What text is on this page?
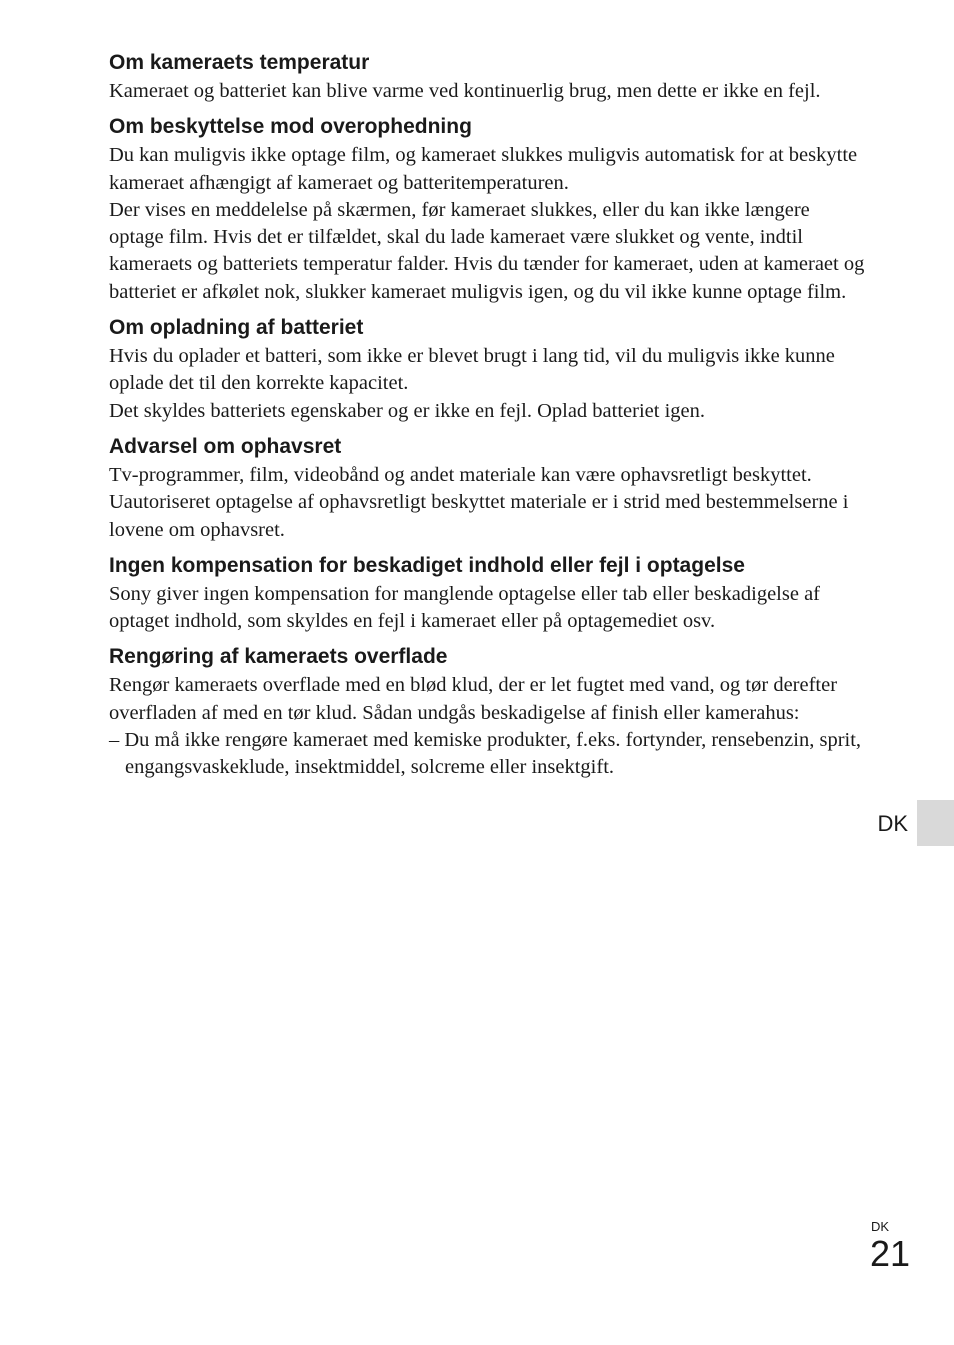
Om kameraets temperatur

Kameraet og batteriet kan blive varme ved kontinuerlig brug, men dette er ikke en fejl.

Om beskyttelse mod overophedning

Du kan muligvis ikke optage film, og kameraet slukkes muligvis automatisk for at beskytte kameraet afhængigt af kameraet og batteritemperaturen.

Der vises en meddelelse på skærmen, før kameraet slukkes, eller du kan ikke længere optage film. Hvis det er tilfældet, skal du lade kameraet være slukket og vente, indtil kameraets og batteriets temperatur falder. Hvis du tænder for kameraet, uden at kameraet og batteriet er afkølet nok, slukker kameraet muligvis igen, og du vil ikke kunne optage film.

Om opladning af batteriet

Hvis du oplader et batteri, som ikke er blevet brugt i lang tid, vil du muligvis ikke kunne oplade det til den korrekte kapacitet.

Det skyldes batteriets egenskaber og er ikke en fejl. Oplad batteriet igen.

Advarsel om ophavsret

Tv-programmer, film, videobånd og andet materiale kan være ophavsretligt beskyttet. Uautoriseret optagelse af ophavsretligt beskyttet materiale er i strid med bestemmelserne i lovene om ophavsret.

Ingen kompensation for beskadiget indhold eller fejl i optagelse

Sony giver ingen kompensation for manglende optagelse eller tab eller beskadigelse af optaget indhold, som skyldes en fejl i kameraet eller på optagemediet osv.

Rengøring af kameraets overflade

Rengør kameraets overflade med en blød klud, der er let fugtet med vand, og tør derefter overfladen af med en tør klud. Sådan undgås beskadigelse af finish eller kamerahus:

– Du må ikke rengøre kameraet med kemiske produkter, f.eks. fortynder, rensebenzin, sprit, engangsvaskeklude, insektmiddel, solcreme eller insektgift.

DK
DK
21
